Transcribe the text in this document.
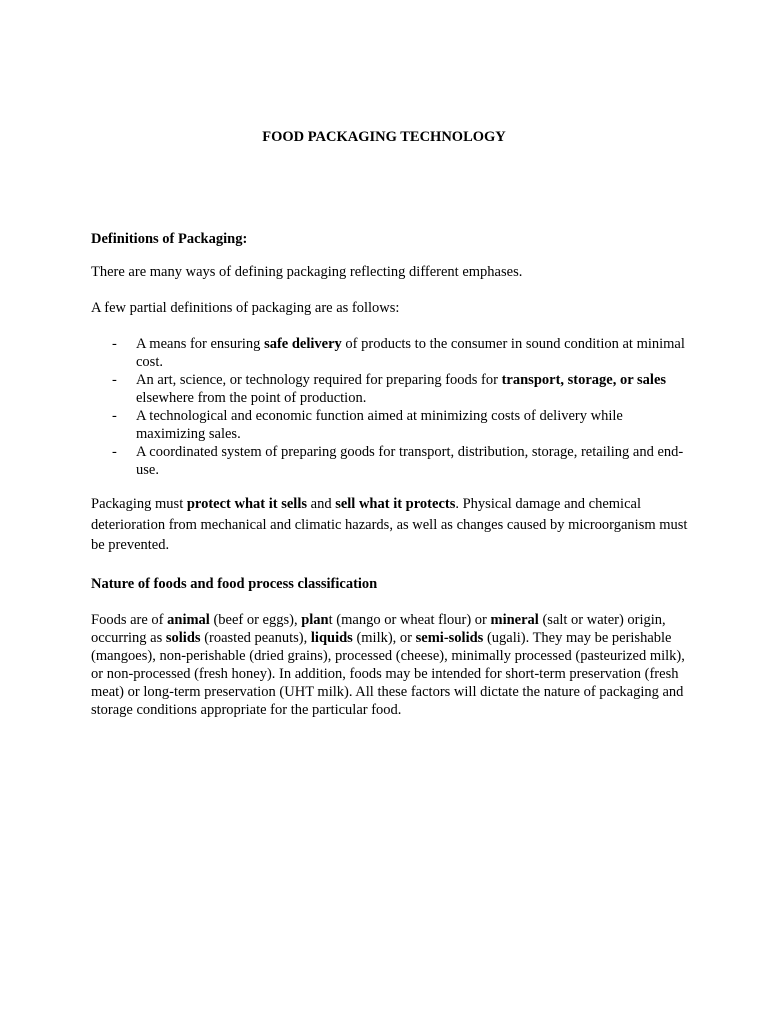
FOOD PACKAGING TECHNOLOGY
Definitions of Packaging:
There are many ways of defining packaging reflecting different emphases.
A few partial definitions of packaging are as follows:
- A means for ensuring safe delivery of products to the consumer in sound condition at minimal cost.
- An art, science, or technology required for preparing foods for transport, storage, or sales elsewhere from the point of production.
- A technological and economic function aimed at minimizing costs of delivery while maximizing sales.
- A coordinated system of preparing goods for transport, distribution, storage, retailing and end-use.
Packaging must protect what it sells and sell what it protects. Physical damage and chemical deterioration from mechanical and climatic hazards, as well as changes caused by microorganism must be prevented.
Nature of foods and food process classification
Foods are of animal (beef or eggs), plant (mango or wheat flour) or mineral (salt or water) origin, occurring as solids (roasted peanuts), liquids (milk), or semi-solids (ugali). They may be perishable (mangoes), non-perishable (dried grains), processed (cheese), minimally processed (pasteurized milk), or non-processed (fresh honey). In addition, foods may be intended for short-term preservation (fresh meat) or long-term preservation (UHT milk). All these factors will dictate the nature of packaging and storage conditions appropriate for the particular food.
